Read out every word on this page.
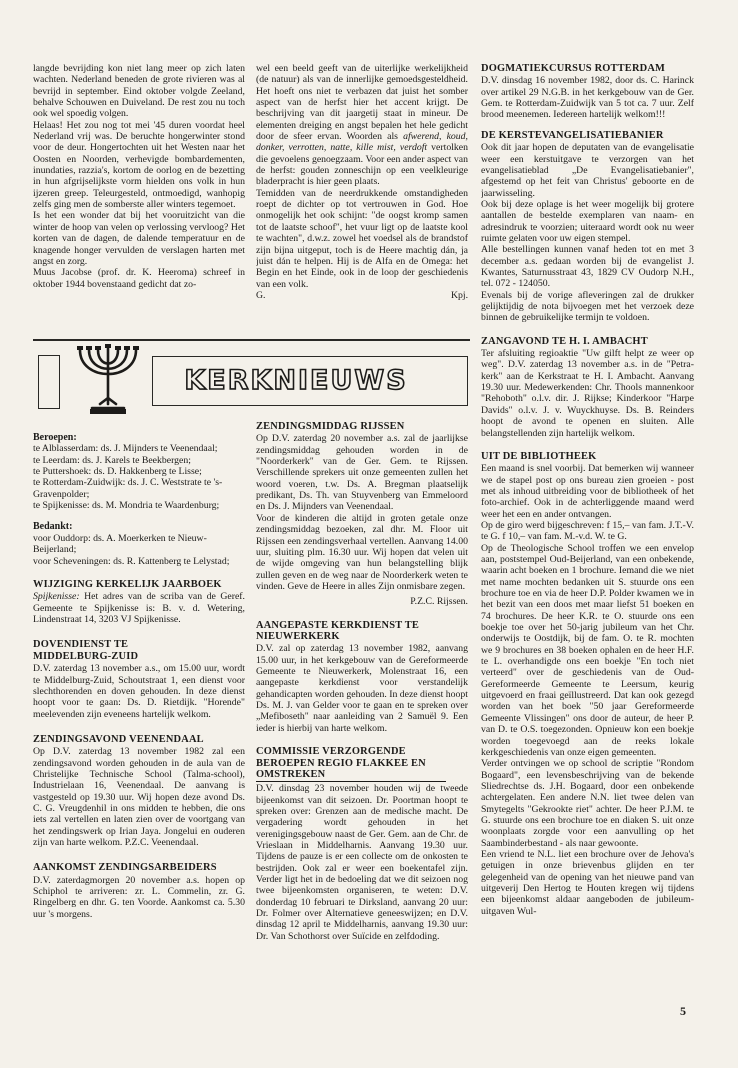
langde bevrijding kon niet lang meer op zich laten wachten. Nederland beneden de grote rivieren was al bevrijd in september. Eind oktober volgde Zeeland, behalve Schouwen en Duiveland. De rest zou nu toch ook wel spoedig volgen.
Helaas! Het zou nog tot mei '45 duren voordat heel Nederland vrij was. De beruchte hongerwinter stond voor de deur. Hongertochten uit het Westen naar het Oosten en Noorden, verhevigde bombardementen, inundaties, razzia's, kortom de oorlog en de bezetting in hun afgrijselijkste vorm hielden ons volk in hun ijzeren greep. Teleurgesteld, ontmoedigd, wanhopig zelfs ging men de somberste aller winters tegemoet.
Is het een wonder dat bij het vooruitzicht van die winter de hoop van velen op verlossing vervloog? Het korten van de dagen, de dalende temperatuur en de knagende honger vervulden de verslagen harten met angst en zorg.
Muus Jacobse (prof. dr. K. Heeroma) schreef in oktober 1944 bovenstaand gedicht dat zo-

wel een beeld geeft van de uiterlijke werkelijkheid (de natuur) als van de innerlijke gemoedsgesteldheid. Het hoeft ons niet te verbazen dat juist het somber aspect van de herfst hier het accent krijgt. De beschrijving van dit jaargetij staat in mineur. De elementen dreiging en angst bepalen het hele gedicht door de sfeer ervan. Woorden als afwerend, koud, donker, verrotten, natte, kille mist, verdoft vertolken die gevoelens genoegzaam. Voor een ander aspect van de herfst: gouden zonneschijn op een veelkleurige bladerpracht is hier geen plaats.
Temidden van de neerdrukkende omstandigheden roept de dichter op tot vertrouwen in God. Hoe onmogelijk het ook schijnt: "de oogst kromp samen tot de laatste schoof", het vuur ligt op de laatste kool te wachten", d.w.z. zowel het voedsel als de brandstof zijn bijna uitgeput, toch is de Heere machtig dán, ja juist dán te helpen. Hij is de Alfa en de Omega: het Begin en het Einde, ook in de loop der geschiedenis van een volk.

G.	Kpj.
KERKNIEUWS
Beroepen:

te Alblasserdam: ds. J. Mijnders te Veenendaal;
te Leerdam: ds. J. Karels te Beekbergen;
te Puttershoek: ds. D. Hakkenberg te Lisse;
te Rotterdam-Zuidwijk: ds. J. C. Weststrate te 's-Gravenpolder;
te Spijkenisse: ds. M. Mondria te Waardenburg;

Bedankt:

voor Ouddorp: ds. A. Moerkerken te Nieuw-Beijerland;
voor Scheveningen: ds. R. Kattenberg te Lelystad;

WIJZIGING KERKELIJK JAARBOEK

Spijkenisse: Het adres van de scriba van de Geref. Gemeente te Spijkenisse is: B. v. d. Wetering, Lindenstraat 14, 3203 VJ Spijkenisse.

DOVENDIENST TE MIDDELBURG-ZUID

D.V. zaterdag 13 november a.s., om 15.00 uur, wordt te Middelburg-Zuid, Schoutstraat 1, een dienst voor slechthorenden en doven gehouden. In deze dienst hoopt voor te gaan: Ds. D. Rietdijk. "Horende" meelevenden zijn eveneens hartelijk welkom.

ZENDINGSAVOND VEENENDAAL

Op D.V. zaterdag 13 november 1982 zal een zendingsavond worden gehouden in de aula van de Christelijke Technische School (Talma-school), Industrielaan 16, Veenendaal. De aanvang is vastgesteld op 19.30 uur. Wij hopen deze avond Ds. C. G. Vreugdenhil in ons midden te hebben, die ons iets zal vertellen en laten zien over de voortgang van het zendingswerk op Irian Jaya. Jongelui en ouderen zijn van harte welkom. P.Z.C. Veenendaal.

AANKOMST ZENDINGSARBEIDERS

D.V. zaterdagmorgen 20 november a.s. hopen op Schiphol te arriveren: zr. L. Commelin, zr. G. Ringelberg en dhr. G. ten Voorde. Aankomst ca. 5.30 uur 's morgens.

ZENDINGSMIDDAG RIJSSEN

Op D.V. zaterdag 20 november a.s. zal de jaarlijkse zendingsmiddag gehouden worden in de "Noorderkerk" van de Ger. Gem. te Rijssen. Verschillende sprekers uit onze gemeenten zullen het woord voeren, t.w. Ds. A. Bregman plaatselijk predikant, Ds. Th. van Stuyvenberg van Emmeloord en Ds. J. Mijnders van Veenendaal.
Voor de kinderen die altijd in groten getale onze zendingsmiddag bezoeken, zal dhr. M. Floor uit Rijssen een zendingsverhaal vertellen. Aanvang 14.00 uur, sluiting plm. 16.30 uur. Wij hopen dat velen uit de wijde omgeving van hun belangstelling blijk zullen geven en de weg naar de Noorderkerk weten te vinden. Geve de Heere in alles Zijn onmisbare zegen.

P.Z.C. Rijssen.
AANGEPASTE KERKDIENST TE NIEUWERKERK

D.V. zal op zaterdag 13 november 1982, aanvang 15.00 uur, in het kerkgebouw van de Gereformeerde Gemeente te Nieuwerkerk, Molenstraat 16, een aangepaste kerkdienst voor verstandelijk gehandicapten worden gehouden. In deze dienst hoopt Ds. M. J. van Gelder voor te gaan en te spreken over „Mefiboseth" naar aanleiding van 2 Samuël 9. Een ieder is hierbij van harte welkom.

COMMISSIE VERZORGENDE BEROEPEN REGIO FLAKKEE EN OMSTREKEN

D.V. dinsdag 23 november houden wij de tweede bijeenkomst van dit seizoen. Dr. Poortman hoopt te spreken over: Grenzen aan de medische macht. De vergadering wordt gehouden in het verenigingsgebouw naast de Ger. Gem. aan de Chr. de Vrieslaan in Middelharnis. Aanvang 19.30 uur. Tijdens de pauze is er een collecte om de onkosten te bestrijden. Ook zal er weer een boekentafel zijn. Verder ligt het in de bedoeling dat we dit seizoen nog twee bijeenkomsten organiseren, te weten: D.V. donderdag 10 februari te Dirksland, aanvang 20 uur: Dr. Folmer over Alternatieve geneeswijzen; en D.V. dinsdag 12 april te Middelharnis, aanvang 19.30 uur: Dr. Van Schothorst over Suïcide en zelfdoding.

DOGMATIEKCURSUS ROTTERDAM

D.V. dinsdag 16 november 1982, door ds. C. Harinck over artikel 29 N.G.B. in het kerkgebouw van de Ger. Gem. te Rotterdam-Zuidwijk van 5 tot ca. 7 uur. Zelf brood meenemen. Iedereen hartelijk welkom!!!

DE KERSTEVANGELISATIEBANIER

Ook dit jaar hopen de deputaten van de evangelisatie weer een kerstuitgave te verzorgen van het evangelisatieblad „De Evangelisatiebanier", afgestemd op het feit van Christus' geboorte en de jaarwisseling.
Ook bij deze oplage is het weer mogelijk bij grotere aantallen de bestelde exemplaren van naam- en adresindruk te voorzien; uiteraard wordt ook nu weer ruimte gelaten voor uw eigen stempel.
Alle bestellingen kunnen vanaf heden tot en met 3 december a.s. gedaan worden bij de evangelist J. Kwantes, Saturnusstraat 43, 1829 CV Oudorp N.H., tel. 072 - 124050.
Evenals bij de vorige afleveringen zal de drukker gelijktijdig de nota bijvoegen met het verzoek deze binnen de gebruikelijke termijn te voldoen.

ZANGAVOND TE H. I. AMBACHT

Ter afsluiting regioaktie "Uw gilft helpt ze weer op weg". D.V. zaterdag 13 november a.s. in de "Petra-kerk" aan de Kerkstraat te H. I. Ambacht. Aanvang 19.30 uur. Medewerkenden: Chr. Thools mannenkoor "Rehoboth" o.l.v. dir. J. Rijkse; Kinderkoor "Harpe Davids" o.l.v. J. v. Wuyckhuyse. Ds. B. Reinders hoopt de avond te openen en sluiten. Alle belangstellenden zijn hartelijk welkom.

UIT DE BIBLIOTHEEK

Een maand is snel voorbij. Dat bemerken wij wanneer we de stapel post op ons bureau zien groeien - post met als inhoud uitbreiding voor de bibliotheek of het foto-archief. Ook in de achterliggende maand werd weer het een en ander ontvangen.
Op de giro werd bijgeschreven: f 15,– van fam. J.T.-V. te G. f 10,– van fam. M.-v.d. W. te G.
Op de Theologische School troffen we een envelop aan, poststempel Oud-Beijerland, van een onbekende, waarin acht boeken en 1 brochure. Iemand die we niet met name mochten bedanken uit S. stuurde ons een brochure toe en via de heer D.P. Polder kwamen we in het bezit van een doos met maar liefst 51 boeken en 74 brochures. De heer K.R. te O. stuurde ons een boekje toe over het 50-jarig jubileum van het Chr. onderwijs te Oostdijk, bij de fam. O. te R. mochten we 9 brochures en 38 boeken ophalen en de heer H.F. te L. overhandigde ons een boekje "En toch niet verteerd" over de geschiedenis van de Oud-Gereformeerde Gemeente te Leersum, keurig uitgevoerd en fraai geïllustreerd. Dat kan ook gezegd worden van het boek "50 jaar Gereformeerde Gemeente Vlissingen" ons door de auteur, de heer P. van D. te O.S. toegezonden. Opnieuw kon een boekje worden toegevoegd aan de reeks lokale kerkgeschiedenis van onze eigen gemeenten.
Verder ontvingen we op school de scriptie "Rondom Bogaard", een levensbeschrijving van de bekende Sliedrechtse ds. J.H. Bogaard, door een onbekende achtergelaten. Een andere N.N. liet twee delen van Smytegelts "Gekrookte riet" achter. De heer P.J.M. te G. stuurde ons een brochure toe en diaken S. uit onze woonplaats zorgde voor een aanvulling op het Saambinderbestand - als naar gewoonte.
Een vriend te N.L. liet een brochure over de Jehova's getuigen in onze brievenbus glijden en ter gelegenheid van de opening van het nieuwe pand van uitgeverij Den Hertog te Houten kregen wij tijdens een bijeenkomst aldaar aangeboden de jubileum-uitgaven Wul-

5
